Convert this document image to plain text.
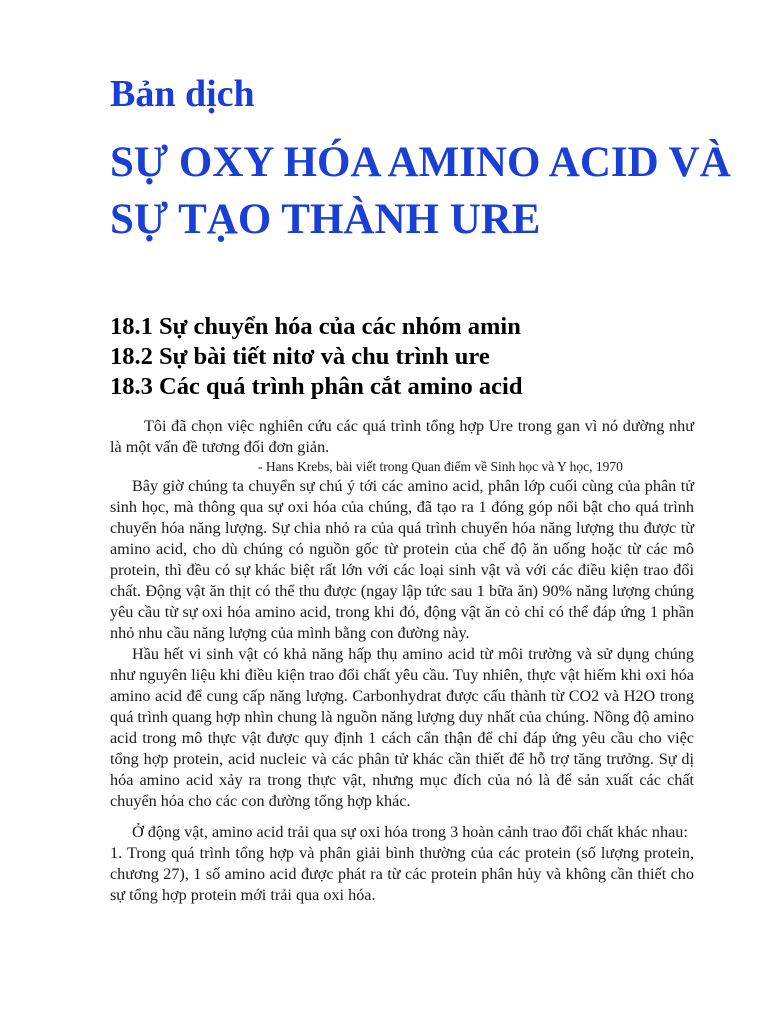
Bản dịch
SỰ OXY HÓA AMINO ACID VÀ SỰ TẠO THÀNH URE
18.1 Sự chuyển hóa của các nhóm amin
18.2 Sự bài tiết nitơ và chu trình ure
18.3 Các quá trình phân cắt amino acid

Tôi đã chọn việc nghiên cứu các quá trình tổng hợp Ure trong gan vì nó dường như là một vấn đề tương đối đơn giản.

- Hans Krebs, bài viết trong Quan điểm về Sinh học và Y học, 1970

Bây giờ chúng ta chuyển sự chú ý tới các amino acid, phân lớp cuối cùng của phân tử sinh học, mà thông qua sự oxi hóa của chúng, đã tạo ra 1 đóng góp nổi bật cho quá trình chuyển hóa năng lượng. Sự chia nhỏ ra của quá trình chuyển hóa năng lượng thu được từ amino acid, cho dù chúng có nguồn gốc từ protein của chế độ ăn uống hoặc từ các mô protein, thì đều có sự khác biệt rất lớn với các loại sinh vật và với các điều kiện trao đổi chất. Động vật ăn thịt có thể thu được (ngay lập tức sau 1 bữa ăn) 90% năng lượng chúng yêu cầu từ sự oxi hóa amino acid, trong khi đó, động vật ăn cỏ chỉ có thể đáp ứng 1 phần nhỏ nhu cầu năng lượng của mình bằng con đường này.

Hầu hết vi sinh vật có khả năng hấp thụ amino acid từ môi trường và sử dụng chúng như nguyên liệu khi điều kiện trao đổi chất yêu cầu. Tuy nhiên, thực vật hiếm khi oxi hóa amino acid để cung cấp năng lượng. Carbonhydrat được cấu thành từ CO2 và H2O trong quá trình quang hợp nhìn chung là nguồn năng lượng duy nhất của chúng. Nồng độ amino acid trong mô thực vật được quy định 1 cách cẩn thận để chỉ đáp ứng yêu cầu cho việc tổng hợp protein, acid nucleic và các phân tử khác cần thiết để hỗ trợ tăng trưởng. Sự dị hóa amino acid xảy ra trong thực vật, nhưng mục đích của nó là để sản xuất các chất chuyển hóa cho các con đường tổng hợp khác.

Ở động vật, amino acid trải qua sự oxi hóa trong 3 hoàn cảnh trao đổi chất khác nhau:

1. Trong quá trình tổng hợp và phân giải bình thường của các protein (số lượng protein, chương 27), 1 số amino acid được phát ra từ các protein phân hủy và không cần thiết cho sự tổng hợp protein mới trải qua oxi hóa.
